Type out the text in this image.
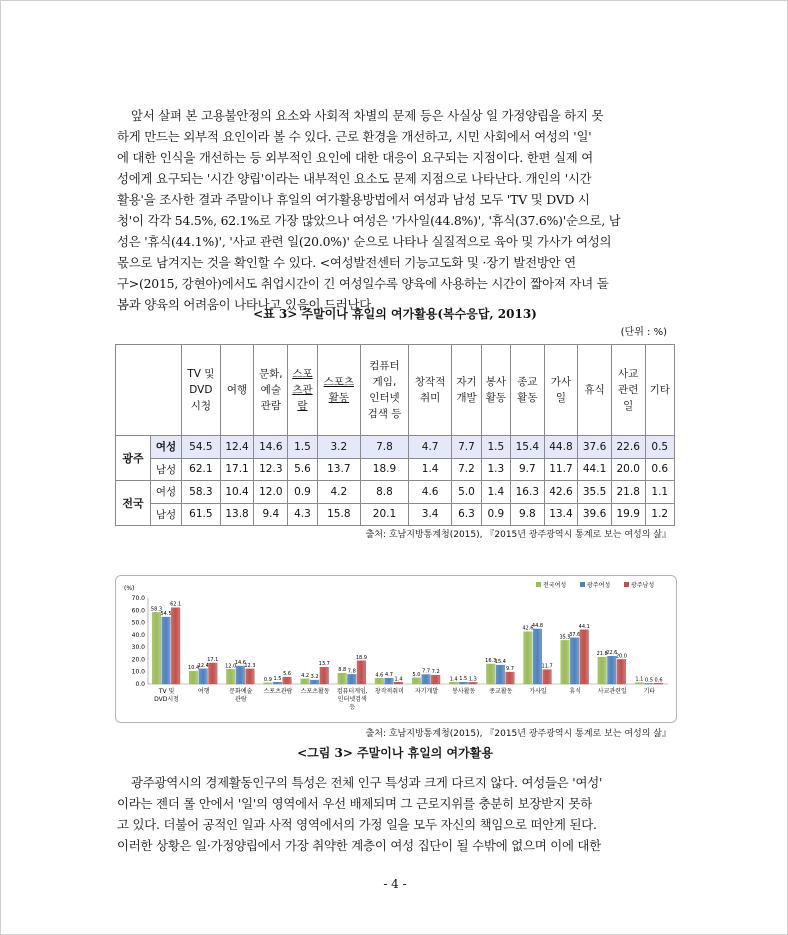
앞서 살펴 본 고용불안정의 요소와 사회적 차별의 문제 등은 사실상 일 가정양립을 하지 못
하게 만드는 외부적 요인이라 볼 수 있다. 근로 환경을 개선하고, 시민 사회에서 여성의 '일'
에 대한 인식을 개선하는 등 외부적인 요인에 대한 대응이 요구되는 지점이다. 한편 실제 여
성에게 요구되는 '시간 양립'이라는 내부적인 요소도 문제 지점으로 나타난다. 개인의 '시간
활용'을 조사한 결과 주말이나 휴일의 여가활용방법에서 여성과 남성 모두 'TV 및 DVD 시
청'이 각각 54.5%, 62.1%로 가장 많았으나 여성은 '가사일(44.8%)', '휴식(37.6%)'순으로, 남
성은 '휴식(44.1%)', '사교 관련 일(20.0%)' 순으로 나타나 실질적으로 육아 및 가사가 여성의
몫으로 남겨지는 것을 확인할 수 있다. <여성발전센터 기능고도화 및 ·장기 발전방안 연
구>(2015, 강현아)에서도 취업시간이 긴 여성일수록 양육에 사용하는 시간이 짧아져 자녀 돌
봄과 양육의 어려움이 나타나고 있음이 드러난다.
<표 3> 주말이나 휴일의 여가활용(복수응답, 2013)
(단위 : %)
		TV 및
DVD
시청	여행	문화,
예술
관람	스포
츠관
람	스포츠
활동	컴퓨터
게임,
인터넷
검색 등	창작적
취미	자기
개발	봉사
활동	종교
활동	가사
일	휴식	사교
관련
일	기타
광주	여성	54.5	12.4	14.6	1.5	3.2	7.8	4.7	7.7	1.5	15.4	44.8	37.6	22.6	0.5
	남성	62.1	17.1	12.3	5.6	13.7	18.9	1.4	7.2	1.3	9.7	11.7	44.1	20.0	0.6
전국	여성	58.3	10.4	12.0	0.9	4.2	8.8	4.6	5.0	1.4	16.3	42.6	35.5	21.8	1.1
	남성	61.5	13.8	9.4	4.3	15.8	20.1	3.4	6.3	0.9	9.8	13.4	39.6	19.9	1.2
출처: 호남지방통계청(2015), 『2015년 광주광역시 통계로 보는 여성의 삶』
(%)
0.0
10.0
20.0
30.0
40.0
50.0
60.0
70.0
58.3
54.5
62.1
TV 및
DVD시청
10.4
12.4
17.1
여행
12.0
14.6
12.3
문화예술
관람
0.9 1.5
5.6
스포츠관람
4.2 3.2
13.7
스포츠활동
8.8 7.8
18.9
컴퓨터게임,
인터넷검색
등
4.6 4.7
1.4
창작적취미
5.0
7.7 7.2
자기개발
1.4 1.5 1.3
봉사활동
16.3
15.4
9.7
종교활동
42.6
44.8
11.7
가사일
35.5
37.6
44.1
휴식
21.8
22.6
20.0
사교관련일
1.1 0.5 0.6
기타
전국여성	광주여성	광주남성
출처: 호남지방통계청(2015), 『2015년 광주광역시 통계로 보는 여성의 삶』
<그림 3> 주말이나 휴일의 여가활용
광주광역시의 경제활동인구의 특성은 전체 인구 특성과 크게 다르지 않다. 여성들은 '여성'
이라는 젠더 롤 안에서 '일'의 영역에서 우선 배제되며 그 근로지위를 충분히 보장받지 못하
고 있다. 더불어 공적인 일과 사적 영역에서의 가정 일을 모두 자신의 책임으로 떠안게 된다.
이러한 상황은 일·가정양립에서 가장 취약한 계층이 여성 집단이 될 수밖에 없으며 이에 대한
- 4 -
